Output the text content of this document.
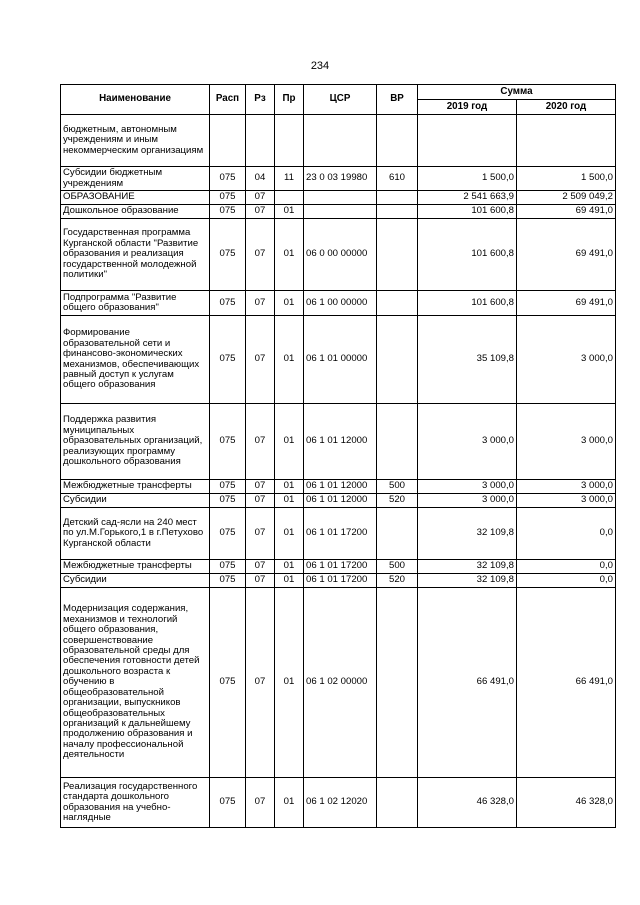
234
Наименование	Расп	Рз	Пр	ЦСР	ВР	Сумма	
						2019 год	2020 год
бюджетным, автономным учреждениям и иным некоммерческим организациям							
Субсидии бюджетным учреждениям	075	04	11	23 0 03 19980	610	1 500,0	1 500,0
ОБРАЗОВАНИЕ	075	07				2 541 663,9	2 509 049,2
Дошкольное образование	075	07	01			101 600,8	69 491,0
Государственная программа Курганской области "Развитие образования и реализация государственной молодежной политики"	075	07	01	06 0 00 00000		101 600,8	69 491,0
Подпрограмма "Развитие общего образования"	075	07	01	06 1 00 00000		101 600,8	69 491,0
Формирование образовательной сети и финансово-экономических механизмов, обеспечивающих равный доступ к услугам общего образования	075	07	01	06 1 01 00000		35 109,8	3 000,0
Поддержка развития муниципальных образовательных организаций, реализующих программу дошкольного образования	075	07	01	06 1 01 12000		3 000,0	3 000,0
Межбюджетные трансферты	075	07	01	06 1 01 12000	500	3 000,0	3 000,0
Субсидии	075	07	01	06 1 01 12000	520	3 000,0	3 000,0
Детский сад-ясли на 240 мест по ул.М.Горького,1 в г.Петухово Курганской области	075	07	01	06 1 01 17200		32 109,8	0,0
Межбюджетные трансферты	075	07	01	06 1 01 17200	500	32 109,8	0,0
Субсидии	075	07	01	06 1 01 17200	520	32 109,8	0,0
Модернизация содержания, механизмов и технологий общего образования, совершенствование образовательной среды для обеспечения готовности детей дошкольного возраста к обучению в общеобразовательной организации, выпускников общеобразовательных организаций к дальнейшему продолжению образования и началу профессиональной деятельности	075	07	01	06 1 02 00000		66 491,0	66 491,0
Реализация государственного стандарта дошкольного образования на учебно-наглядные	075	07	01	06 1 02 12020		46 328,0	46 328,0
